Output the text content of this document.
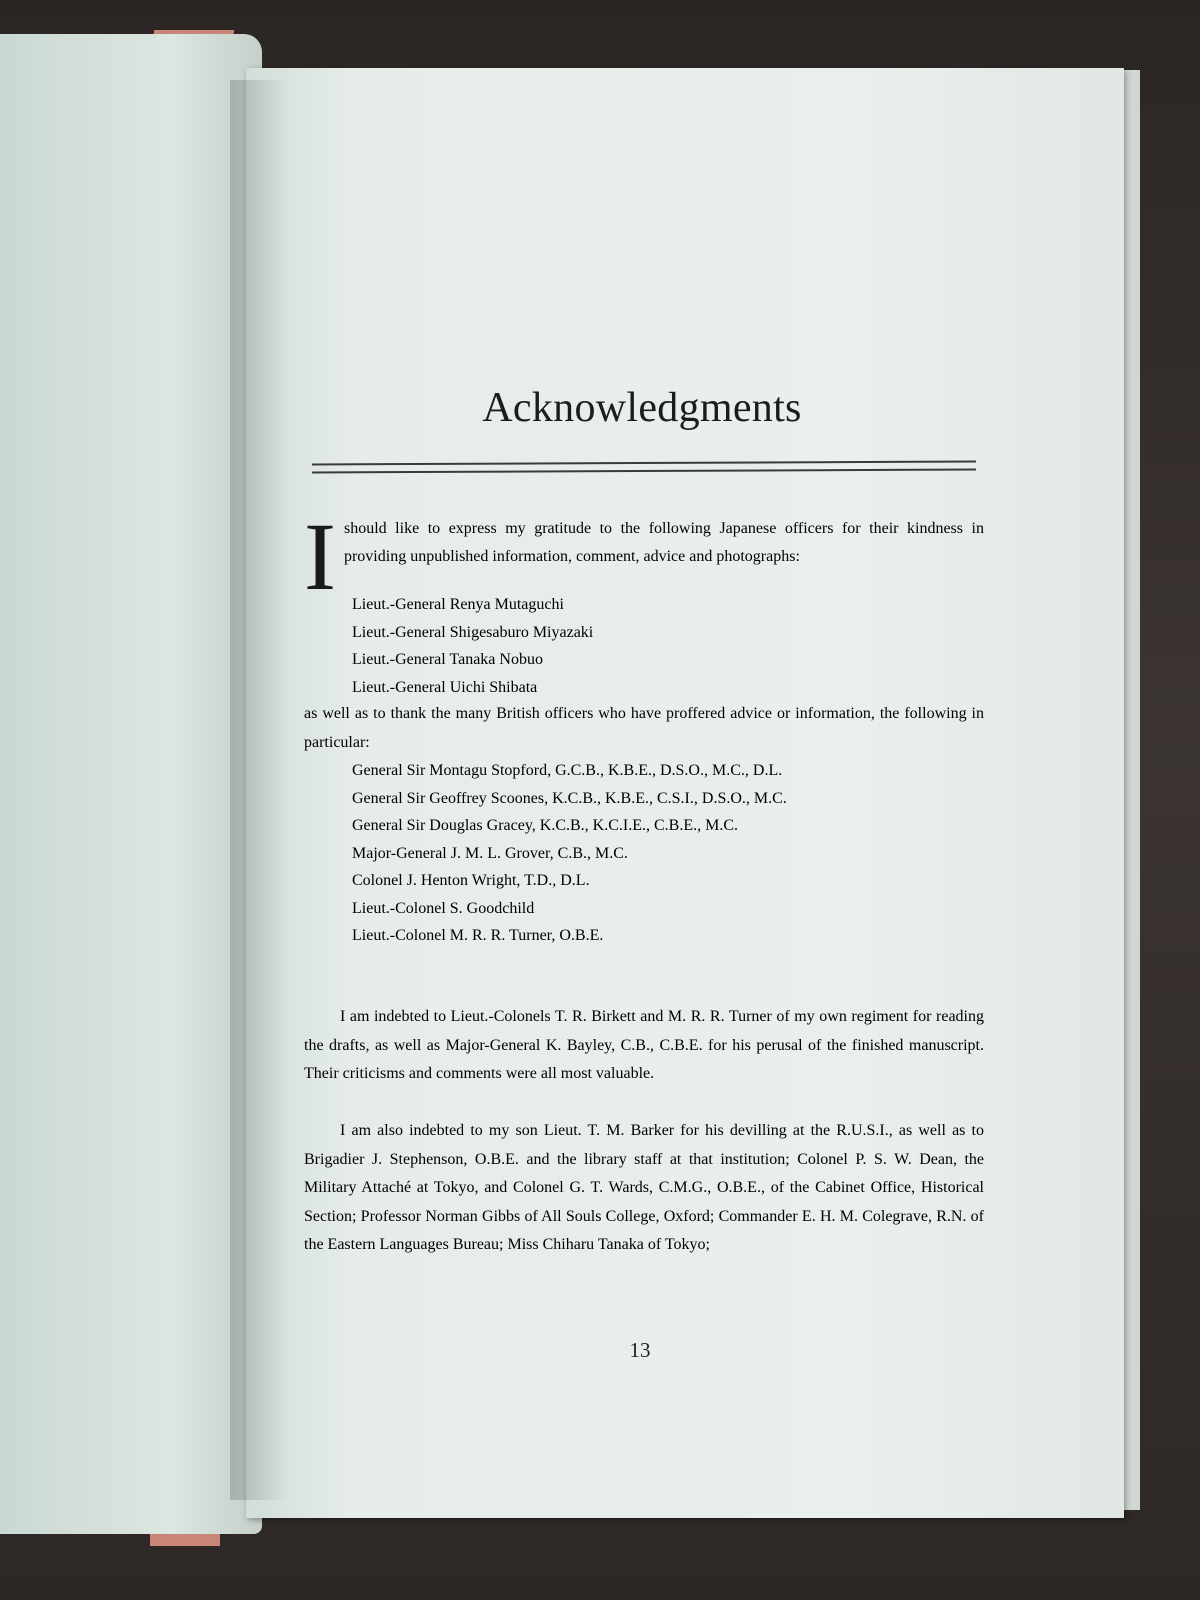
Acknowledgments

I should like to express my gratitude to the following Japanese officers for their kindness in providing unpublished information, comment, advice and photographs:

Lieut.-General Renya Mutaguchi
Lieut.-General Shigesaburo Miyazaki
Lieut.-General Tanaka Nobuo
Lieut.-General Uichi Shibata

as well as to thank the many British officers who have proffered advice or information, the following in particular:

General Sir Montagu Stopford, G.C.B., K.B.E., D.S.O., M.C., D.L.
General Sir Geoffrey Scoones, K.C.B., K.B.E., C.S.I., D.S.O., M.C.
General Sir Douglas Gracey, K.C.B., K.C.I.E., C.B.E., M.C.
Major-General J. M. L. Grover, C.B., M.C.
Colonel J. Henton Wright, T.D., D.L.
Lieut.-Colonel S. Goodchild
Lieut.-Colonel M. R. R. Turner, O.B.E.

I am indebted to Lieut.-Colonels T. R. Birkett and M. R. R. Turner of my own regiment for reading the drafts, as well as Major-General K. Bayley, C.B., C.B.E. for his perusal of the finished manuscript. Their criticisms and comments were all most valuable.

I am also indebted to my son Lieut. T. M. Barker for his devilling at the R.U.S.I., as well as to Brigadier J. Stephenson, O.B.E. and the library staff at that institution; Colonel P. S. W. Dean, the Military Attaché at Tokyo, and Colonel G. T. Wards, C.M.G., O.B.E., of the Cabinet Office, Historical Section; Professor Norman Gibbs of All Souls College, Oxford; Commander E. H. M. Colegrave, R.N. of the Eastern Languages Bureau; Miss Chiharu Tanaka of Tokyo;

13
